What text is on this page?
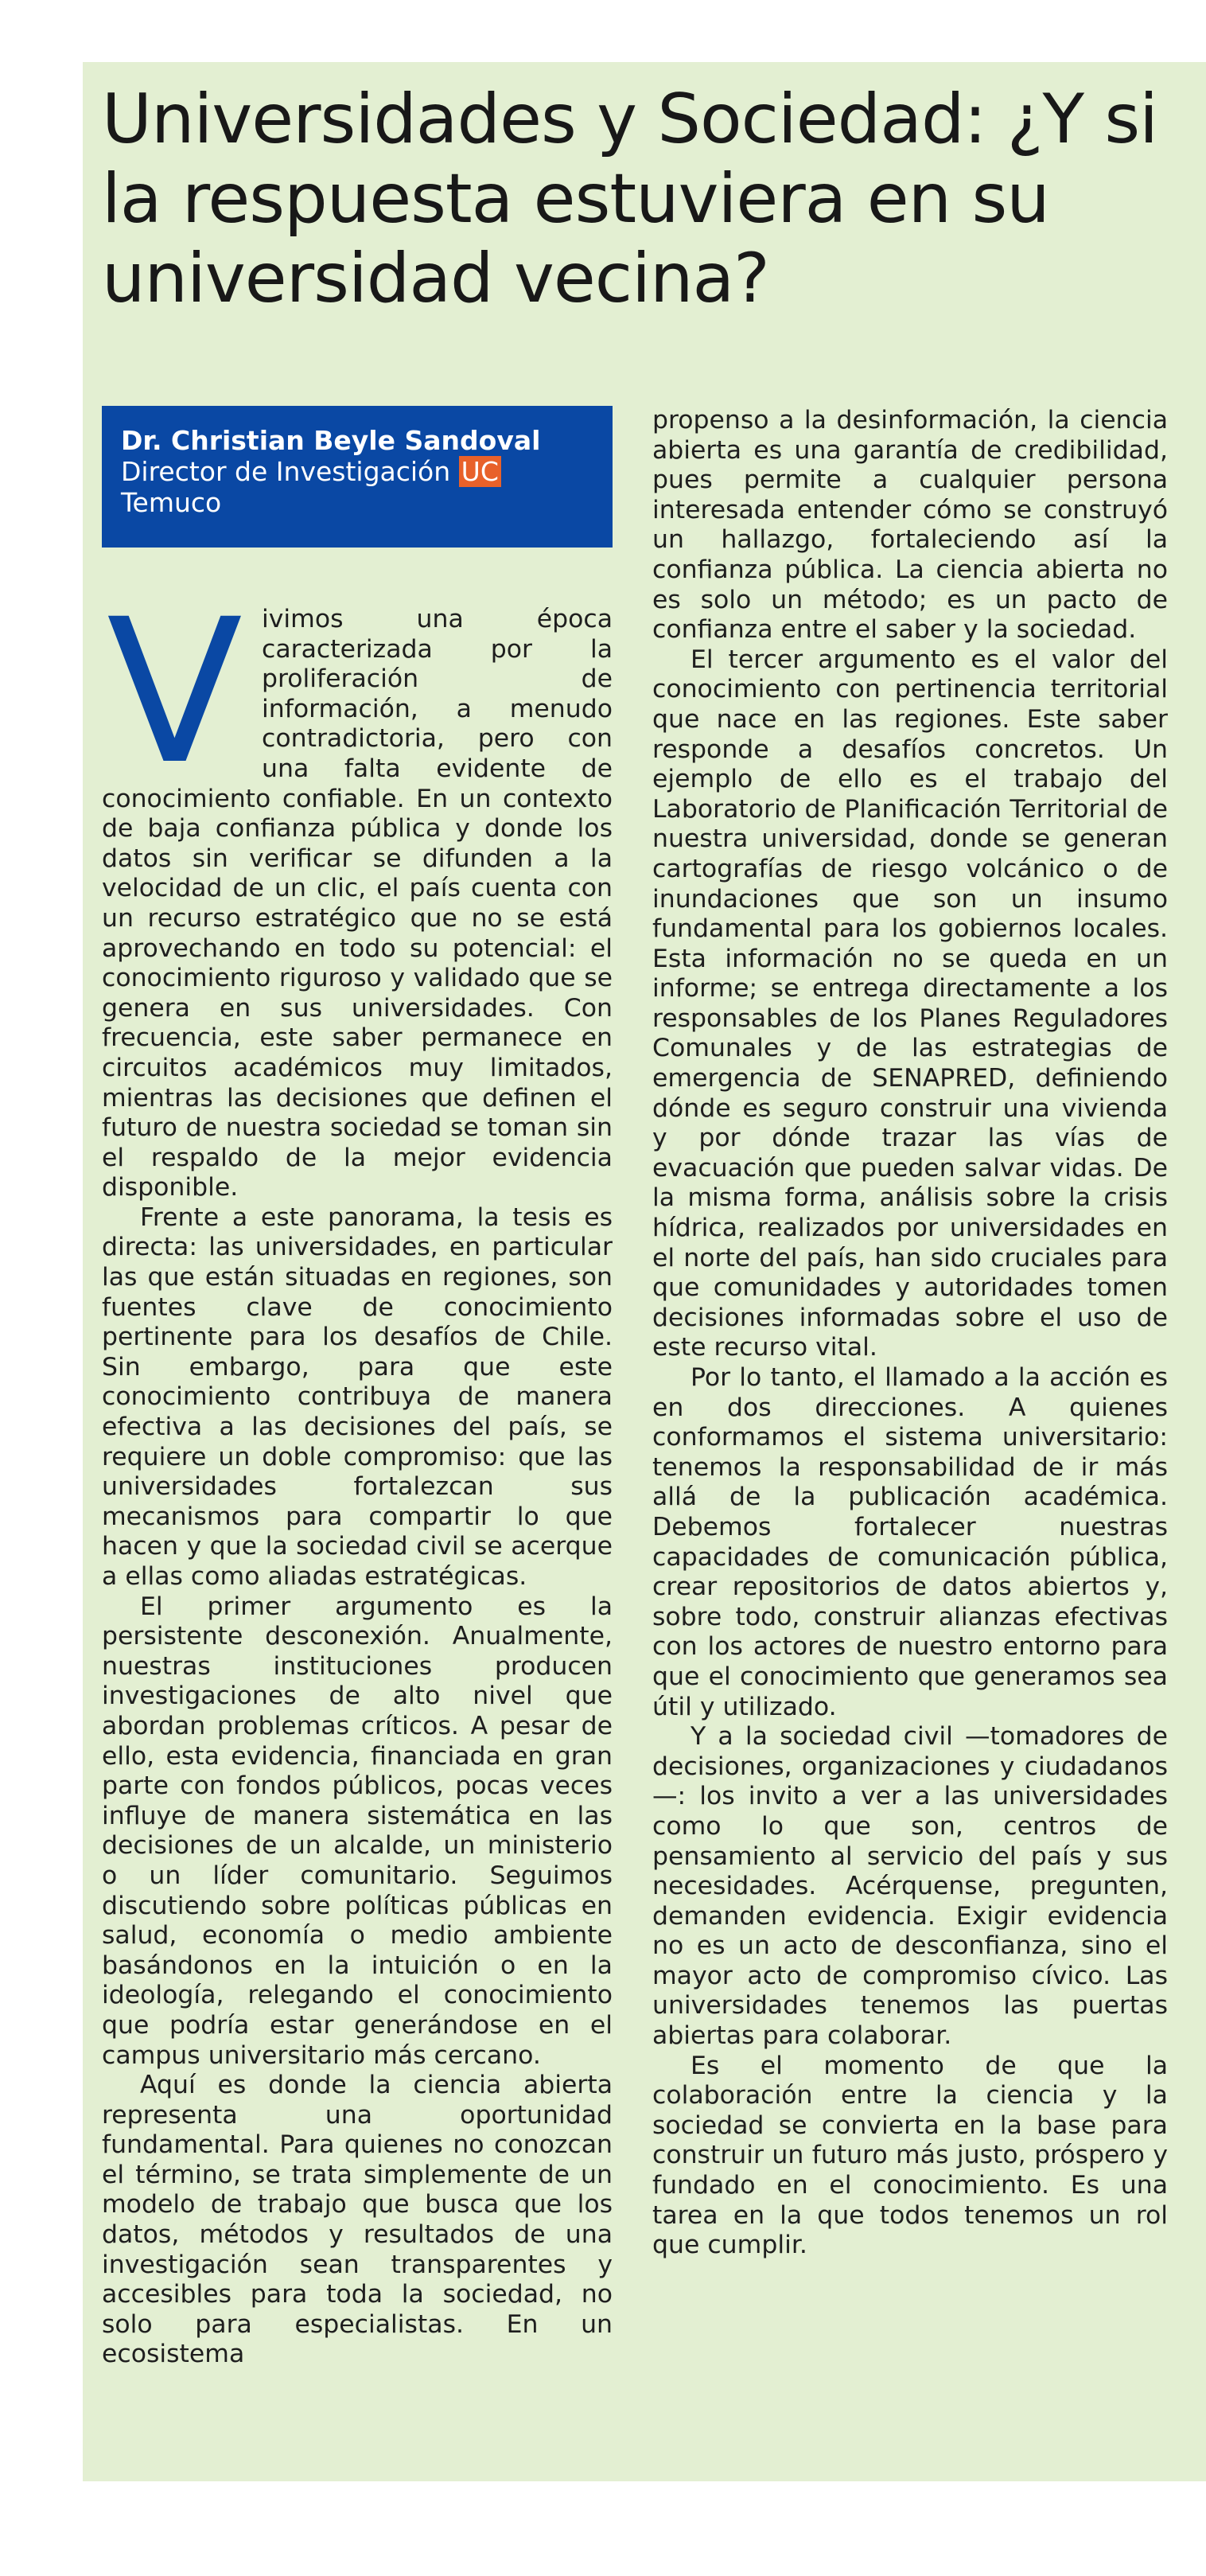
Universidades y Sociedad: ¿Y si la respuesta estuviera en su universidad vecina?
Dr. Christian Beyle Sandoval
Director de Investigación UC
Temuco

Vivimos una época caracterizada por la proliferación de información, a menudo contradictoria, pero con una falta evidente de conocimiento confiable. En un contexto de baja confianza pública y donde los datos sin verificar se difunden a la velocidad de un clic, el país cuenta con un recurso estratégico que no se está aprovechando en todo su potencial: el conocimiento riguroso y validado que se genera en sus universidades. Con frecuencia, este saber permanece en circuitos académicos muy limitados, mientras las decisiones que definen el futuro de nuestra sociedad se toman sin el respaldo de la mejor evidencia disponible.

Frente a este panorama, la tesis es directa: las universidades, en particular las que están situadas en regiones, son fuentes clave de conocimiento pertinente para los desafíos de Chile. Sin embargo, para que este conocimiento contribuya de manera efectiva a las decisiones del país, se requiere un doble compromiso: que las universidades fortalezcan sus mecanismos para compartir lo que hacen y que la sociedad civil se acerque a ellas como aliadas estratégicas.

El primer argumento es la persistente desconexión. Anualmente, nuestras instituciones producen investigaciones de alto nivel que abordan problemas críticos. A pesar de ello, esta evidencia, financiada en gran parte con fondos públicos, pocas veces influye de manera sistemática en las decisiones de un alcalde, un ministerio o un líder comunitario. Seguimos discutiendo sobre políticas públicas en salud, economía o medio ambiente basándonos en la intuición o en la ideología, relegando el conocimiento que podría estar generándose en el campus universitario más cercano.

Aquí es donde la ciencia abierta representa una oportunidad fundamental. Para quienes no conozcan el término, se trata simplemente de un modelo de trabajo que busca que los datos, métodos y resultados de una investigación sean transparentes y accesibles para toda la sociedad, no solo para especialistas. En un ecosistema

propenso a la desinformación, la ciencia abierta es una garantía de credibilidad, pues permite a cualquier persona interesada entender cómo se construyó un hallazgo, fortaleciendo así la confianza pública. La ciencia abierta no es solo un método; es un pacto de confianza entre el saber y la sociedad.

El tercer argumento es el valor del conocimiento con pertinencia territorial que nace en las regiones. Este saber responde a desafíos concretos. Un ejemplo de ello es el trabajo del Laboratorio de Planificación Territorial de nuestra universidad, donde se generan cartografías de riesgo volcánico o de inundaciones que son un insumo fundamental para los gobiernos locales. Esta información no se queda en un informe; se entrega directamente a los responsables de los Planes Reguladores Comunales y de las estrategias de emergencia de SENAPRED, definiendo dónde es seguro construir una vivienda y por dónde trazar las vías de evacuación que pueden salvar vidas. De la misma forma, análisis sobre la crisis hídrica, realizados por universidades en el norte del país, han sido cruciales para que comunidades y autoridades tomen decisiones informadas sobre el uso de este recurso vital.

Por lo tanto, el llamado a la acción es en dos direcciones. A quienes conformamos el sistema universitario: tenemos la responsabilidad de ir más allá de la publicación académica. Debemos fortalecer nuestras capacidades de comunicación pública, crear repositorios de datos abiertos y, sobre todo, construir alianzas efectivas con los actores de nuestro entorno para que el conocimiento que generamos sea útil y utilizado.

Y a la sociedad civil —tomadores de decisiones, organizaciones y ciudadanos—: los invito a ver a las universidades como lo que son, centros de pensamiento al servicio del país y sus necesidades. Acérquense, pregunten, demanden evidencia. Exigir evidencia no es un acto de desconfianza, sino el mayor acto de compromiso cívico. Las universidades tenemos las puertas abiertas para colaborar.

Es el momento de que la colaboración entre la ciencia y la sociedad se convierta en la base para construir un futuro más justo, próspero y fundado en el conocimiento. Es una tarea en la que todos tenemos un rol que cumplir.
